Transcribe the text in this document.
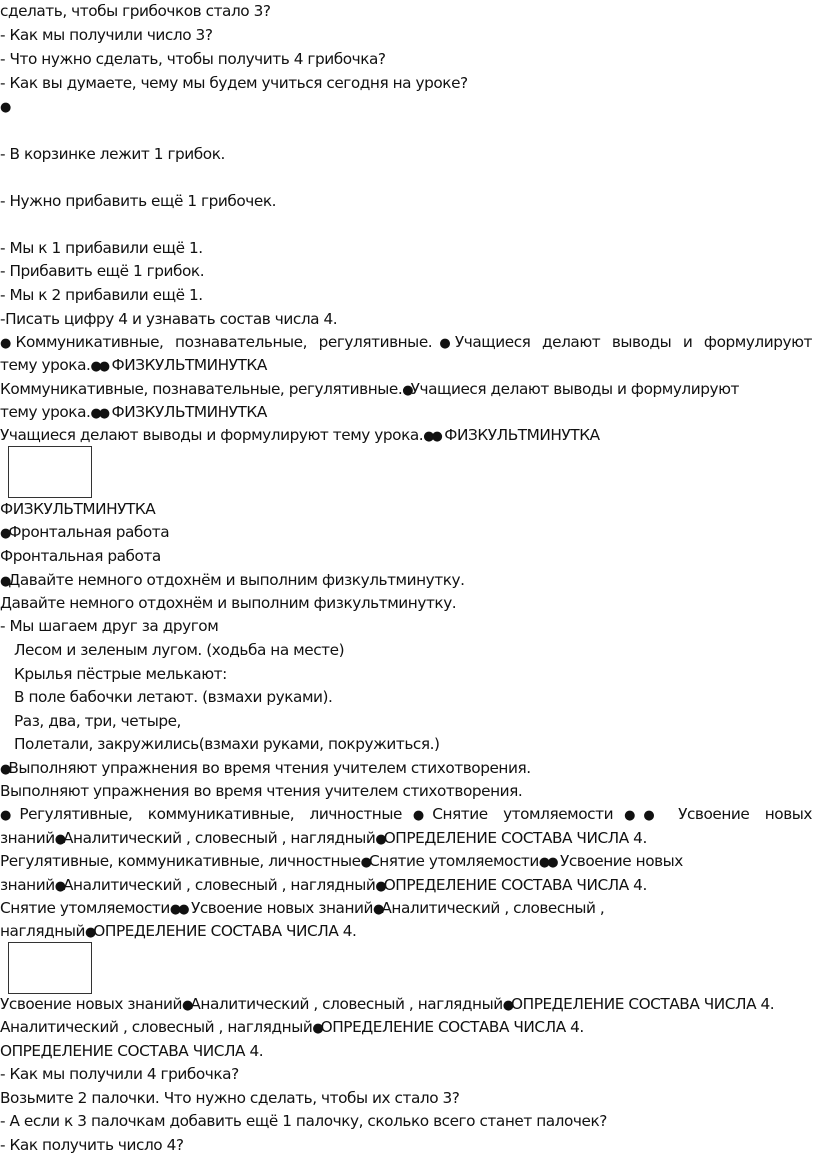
сделать, чтобы грибочков стало 3?
- Как мы получили число 3?
- Что нужно сделать, чтобы получить 4 грибочка?
- Как вы думаете, чему мы будем учиться сегодня на уроке?
●
- В корзинке лежит 1 грибок.
- Нужно прибавить ещё 1 грибочек.
- Мы к 1 прибавили ещё 1.
- Прибавить ещё 1 грибок.
- Мы к 2 прибавили ещё 1.
-Писать цифру 4 и узнавать состав числа 4.
●Коммуникативные, познавательные, регулятивные.●Учащиеся делают выводы и формулируют
тему урока.●● ФИЗКУЛЬТМИНУТКА
Коммуникативные, познавательные, регулятивные.●Учащиеся делают выводы и формулируют
тему урока.●● ФИЗКУЛЬТМИНУТКА
Учащиеся делают выводы и формулируют тему урока.●● ФИЗКУЛЬТМИНУТКА
ФИЗКУЛЬТМИНУТКА
●Фронтальная работа
Фронтальная работа
●Давайте немного отдохнём и выполним физкультминутку.
Давайте немного отдохнём и выполним физкультминутку.
- Мы шагаем друг за другом
Лесом и зеленым лугом. (ходьба на месте)
Крылья пёстрые мелькают:
В поле бабочки летают. (взмахи руками).
Раз, два, три, четыре,
Полетали, закружились(взмахи руками, покружиться.)
●Выполняют упражнения во время чтения учителем стихотворения.
Выполняют упражнения во время чтения учителем стихотворения.
●Регулятивные, коммуникативные, личностные●Снятие утомляемости●● Усвоение новых
знаний●Аналитический , словесный , наглядный●ОПРЕДЕЛЕНИЕ СОСТАВА ЧИСЛА 4.
Регулятивные, коммуникативные, личностные●Снятие утомляемости●● Усвоение новых
знаний●Аналитический , словесный , наглядный●ОПРЕДЕЛЕНИЕ СОСТАВА ЧИСЛА 4.
Снятие утомляемости●● Усвоение новых знаний●Аналитический , словесный ,
наглядный●ОПРЕДЕЛЕНИЕ СОСТАВА ЧИСЛА 4.
Усвоение новых знаний●Аналитический , словесный , наглядный●ОПРЕДЕЛЕНИЕ СОСТАВА ЧИСЛА 4.
Аналитический , словесный , наглядный●ОПРЕДЕЛЕНИЕ СОСТАВА ЧИСЛА 4.
ОПРЕДЕЛЕНИЕ СОСТАВА ЧИСЛА 4.
- Как мы получили 4 грибочка?
Возьмите 2 палочки. Что нужно сделать, чтобы их стало 3?
- А если к 3 палочкам добавить ещё 1 палочку, сколько всего станет палочек?
- Как получить число 4?
